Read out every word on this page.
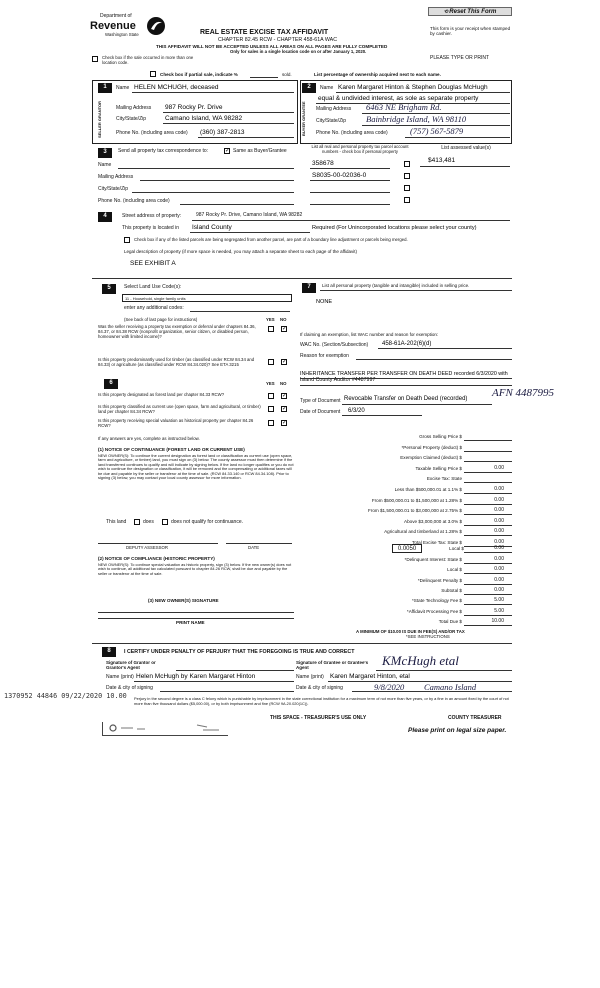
Department of
Revenue
Washington State
⟲ Reset This Form
This form is your receipt when stamped by cashier.
REAL ESTATE EXCISE TAX AFFIDAVIT
CHAPTER 82.45 RCW - CHAPTER 458-61A WAC
THIS AFFIDAVIT WILL NOT BE ACCEPTED UNLESS ALL AREAS ON ALL PAGES ARE FULLY COMPLETED
Only for sales in a single location code on or after January 1, 2020.
PLEASE TYPE OR PRINT
Check box if the sale occurred in more than one location code.
Check box if partial sale, indicate %	sold.	List percentage of ownership acquired next to each name.
1
SELLER GRANTOR
Name HELEN MCHUGH, deceased
Mailing Address 987 Rocky Pr. Drive
City/State/Zip	Camano Island, WA 98282
Phone No. (including area code) (360) 387-2813
2
BUYER GRANTEE
Name Karen Margaret Hinton & Stephen Douglas McHugh
equal & undivided interest, as sole as separate property
Mailing Address 6463 NE Brigham Rd.
City/State/Zip Bainbridge Island, WA 98110
Phone No. (including area code)	(757) 567-5879
3	Send all property tax correspondence to:	✓ Same as Buyer/Grantee
Name
Mailing Address
City/State/Zip
Phone No. (including area code)
List all real and personal property tax parcel account numbers - check box if personal property
List assessed value(s)
358678	$413,481
S8035-00-02036-0
4	Street address of property:	987 Rocky Pr. Drive, Camano Island, WA 98282
This property is located in Island County	Required (For Unincorporated locations please select your county)
Check box if any of the listed parcels are being segregated from another parcel, are part of a boundary line adjustment or parcels being merged.
Legal description of property (if more space is needed, you may attach a separate sheet to each page of the affidavit)
SEE EXHIBIT A
5	Select Land Use Code(s):
11 - Household, single family units
enter any additional codes:
(See back of last page for instructions)	YES NO
Was the seller receiving a property tax exemption or deferral under chapters 84.36, 84.37, or 84.38 RCW (nonprofit organization, senior citizen, or disabled person, homeowner with limited income)?
✓
Is this property predominantly used for timber (as classified under RCW 84.34 and 84.33) or agriculture (as classified under RCW 84.34.020)? See ETA 3215	✓
6	YES NO
Is this property designated as forest land per chapter 84.33 RCW?	✓
Is this property classified as current use (open space, farm and agricultural, or timber) land per chapter 84.34 RCW?	✓
Is this property receiving special valuation as historical property per chapter 84.26 RCW?	✓
If any answers are yes, complete as instructed below.
(1) NOTICE OF CONTINUANCE (FOREST LAND OR CURRENT USE)
NEW OWNER(S): To continue the current designation as forest land or classification as current use (open space, farm and agriculture, or timber) land, you must sign on (3) below. The county assessor must then determine if the land transferred continues to qualify and will indicate by signing below. If the land no longer qualifies or you do not wish to continue the designation or classification, it will be removed and the compensating or additional taxes will be due and payable by the seller or transferor at the time of sale. (RCW 84.33.140 or RCW 84.34.108). Prior to signing (3) below, you may contact your local county assessor for more information.
This land	does	does not qualify for continuance.
DEPUTY ASSESSOR	DATE
(2) NOTICE OF COMPLIANCE (HISTORIC PROPERTY)
NEW OWNER(S): To continue special valuation as historic property, sign (3) below. If the new owner(s) does not wish to continue, all additional tax calculated pursuant to chapter 84.26 RCW, shall be due and payable by the seller or transferor at the time of sale.
(3) NEW OWNER(S) SIGNATURE
PRINT NAME
7	List all personal property (tangible and intangible) included in selling price.
NONE
If claiming an exemption, list WAC number and reason for exemption:
WAC No. (Section/Subsection) 458-61A-202(6)(d)
Reason for exemption
INHERITANCE TRANSFER PER TRANSFER ON DEATH DEED recorded 6/3/2020 with Island County Auditor #4487997
Type of Document Revocable Transfer on Death Deed (recorded) AFN 4487995
Date of Document 6/3/20
Gross Selling Price $
*Personal Property (deduct) $
Exemption Claimed (deduct) $
Taxable Selling Price $	0.00
Excise Tax: State
Less than $500,000.01 at 1.1% $	0.00
From $500,000.01 to $1,500,000 at 1.28% $	0.00
From $1,500,000.01 to $3,000,000 at 2.75% $	0.00
Above $3,000,000 at 3.0% $	0.00
Agricultural and timberland at 1.28% $	0.00
Total Excise Tax: State $	0.00
0.0050	Local $	0.00
*Delinquent Interest: State $	0.00
Local $	0.00
*Delinquent Penalty $	0.00
Subtotal $	0.00
*State Technology Fee $	5.00
*Affidavit Processing Fee $	5.00
Total Due $	10.00
A MINIMUM OF $10.00 IS DUE IN FEE(S) AND/OR TAX
*SEE INSTRUCTIONS
8	I CERTIFY UNDER PENALTY OF PERJURY THAT THE FOREGOING IS TRUE AND CORRECT
Signature of Grantor or Grantor's Agent
Signature of Grantee or Grantee's Agent	KMcHugh etal
Name (print) Helen McHugh by Karen Margaret Hinton	Name (print) Karen Margaret Hinton, etal
Date & city of signing	Date & city of signing	9/8/2020 Camano Island
Perjury in the second degree is a class C felony which is punishable by imprisonment in the state correctional institution for a maximum term of not more than five years, or by a fine in an amount fixed by the court of not more than five thousand dollars ($5,000.00), or by both imprisonment and fine (RCW 9A.20.020(1C)).
1370952 44846 09/22/2020 10.00
THIS SPACE - TREASURER'S USE ONLY	COUNTY TREASURER
Please print on legal size paper.
